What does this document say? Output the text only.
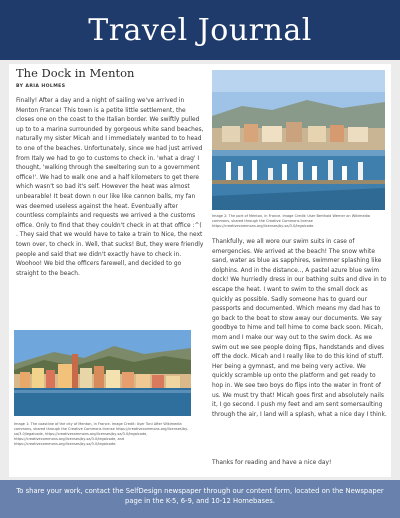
Travel Journal
The Dock in Menton
BY ARIA HOLMES
Finally! After a day and a night of sailing we've arrived in Menton France! This town is a petite little settlement, the closes one on the coast to the Italian border. We swiftly pulled up to to a marina surrounded by gorgeous white sand beaches, naturally my sister Micah and I immediately wanted to to head to one of the beaches. Unfortunately, since we had just arrived from Italy we had to go to customs to check in. 'what a drag' I thought, 'walking through the sweltering sun to a government office!'. We had to walk one and a half kilometers to get there which wasn't so bad it's self. However the heat was almost unbearable! It beat down n our like like cannon balls, my fan was deemed useless against the heat. Eventually after countless complaints and requests we arrived a the customs office. Only to find that they couldn't check in at that office :^( . They said that we would have to take a train to Nice, the next town over, to check in. Well, that sucks! But, they were friendly people and said that we didn't exactly have to check in. Woohoo! We bid the officers farewell, and decided to go straight to the beach.
Image 1: The coastline of the city of Menton, in France. Image Credit: User Toni After Wikimedia commons, shared through the Creative Commons license https://creativecommons.org/licenses/by-sa/3.0/legalcode, https://creativecommons.org/licenses/by-sa/3.0/legalcode, https://creativecommons.org/licenses/by-sa/3.0/legalcode, and https://creativecommons.org/licenses/by-sa/3.0/legalcode.
Image 2: The port of Menton, in France. Image Credit: User Berthold Werner on Wikimedia commons, shared through the Creative Commons license https://creativecommons.org/licenses/by-sa/3.0/legalcode.
Thankfully, we all wore our swim suits in case of emergencies. We arrived at the beach! The snow white sand, water as blue as sapphires, swimmer splashing like dolphins. And in the distance.., A pastel azure blue swim dock! We hurriedly dress in our bathing suits and dive in to escape the heat. I want to swim to the small dock as quickly as possible. Sadly someone has to guard our passports and documented. Which means my dad has to go back to the boat to stow away our documents. We say goodbye to hime and tell hime to come back soon. Micah, mom and I make our way out to the swim dock. As we swim out we see people doing flips, handstands and dives off the dock. Micah and I really like to do this kind of stuff. Her being a gymnast, and me being very active. We quickly scramble up onto the platform and get ready to hop in. We see two boys do flips into the water in front of us. We must try that! Micah goes first and absolutely nails it, I go second. I push my feet and am sent somersaulting through the air, I land will a splash, what a nice day I think.
Thanks for reading and have a nice day!

To share your work, contact the SelfDesign newspaper through our content form, located on the Newspaper page in the K-5, 6-9, and 10-12 Homebases.
